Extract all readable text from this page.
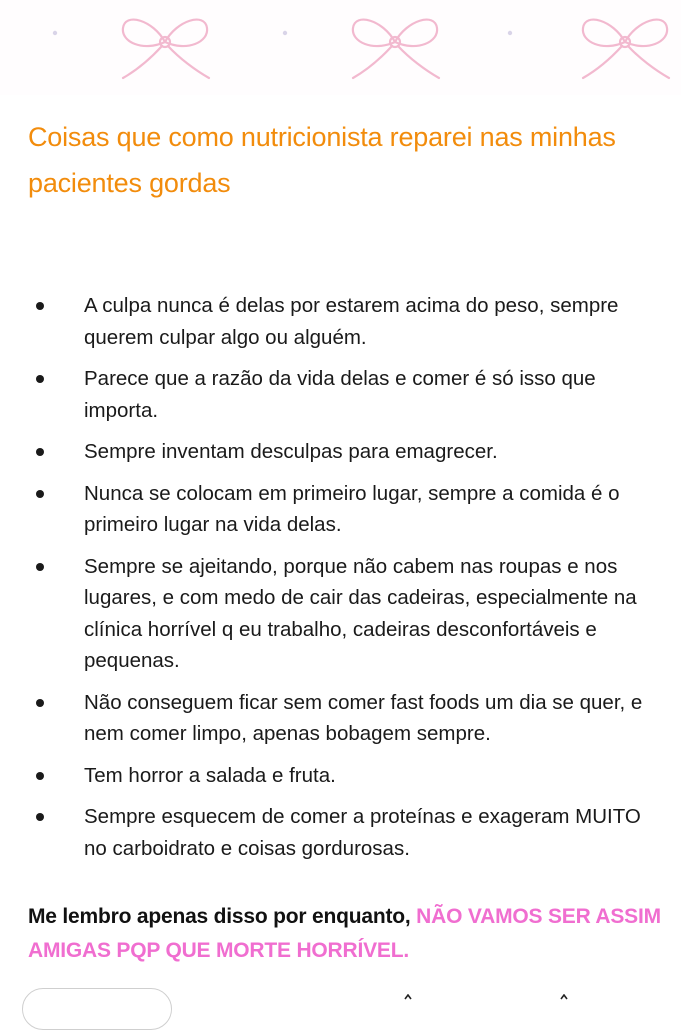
Coisas que como nutricionista reparei nas minhas pacientes gordas
A culpa nunca é delas por estarem acima do peso, sempre querem culpar algo ou alguém.
Parece que a razão da vida delas e comer é só isso que importa.
Sempre inventam desculpas para emagrecer.
Nunca se colocam em primeiro lugar, sempre a comida é o primeiro lugar na vida delas.
Sempre se ajeitando, porque não cabem nas roupas e nos lugares, e com medo de cair das cadeiras, especialmente na clínica horrível q eu trabalho, cadeiras desconfortáveis e pequenas.
Não conseguem ficar sem comer fast foods um dia se quer, e nem comer limpo, apenas bobagem sempre.
Tem horror a salada e fruta.
Sempre esquecem de comer a proteínas e exageram MUITO no carboidrato e coisas gordurosas.

Me lembro apenas disso por enquanto, NÃO VAMOS SER ASSIM AMIGAS PQP QUE MORTE HORRÍVEL.
